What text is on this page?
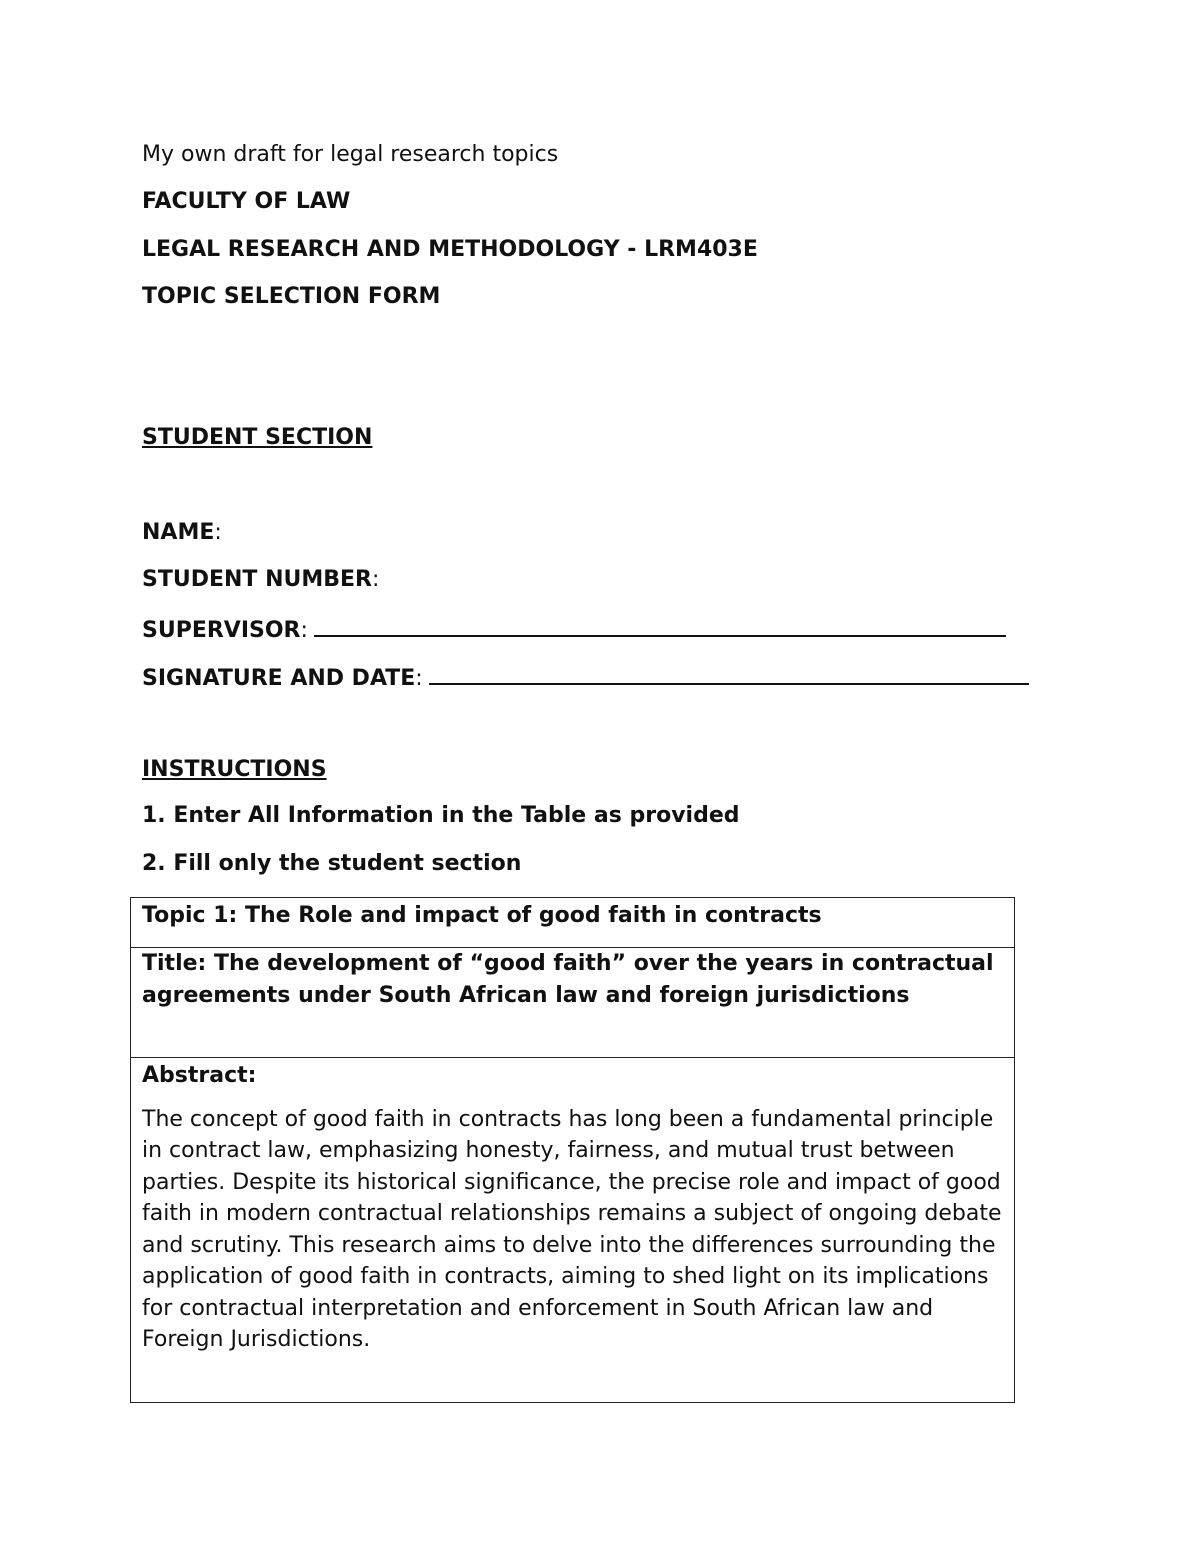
My own draft for legal research topics
FACULTY OF LAW
LEGAL RESEARCH AND METHODOLOGY - LRM403E
TOPIC SELECTION FORM
STUDENT SECTION
NAME:
STUDENT NUMBER:
SUPERVISOR:
SIGNATURE AND DATE:
INSTRUCTIONS
1. Enter All Information in the Table as provided
2. Fill only the student section
Topic 1: The Role and impact of good faith in contracts
Title: The development of “good faith” over the years in contractual agreements under South African law and foreign jurisdictions
Abstract:
The concept of good faith in contracts has long been a fundamental principle in contract law, emphasizing honesty, fairness, and mutual trust between parties. Despite its historical significance, the precise role and impact of good faith in modern contractual relationships remains a subject of ongoing debate and scrutiny. This research aims to delve into the differences surrounding the application of good faith in contracts, aiming to shed light on its implications for contractual interpretation and enforcement in South African law and Foreign Jurisdictions.
